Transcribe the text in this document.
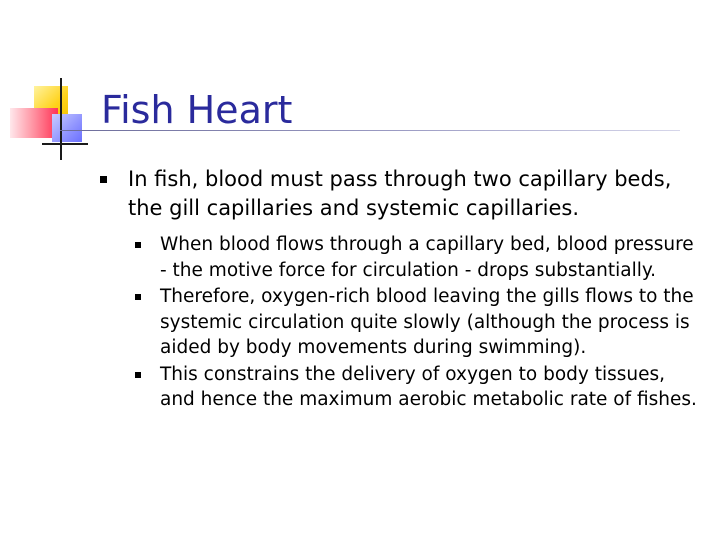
Fish Heart
In fish, blood must pass through two capillary beds, the gill capillaries and systemic capillaries.
When blood flows through a capillary bed, blood pressure - the motive force for circulation - drops substantially.
Therefore, oxygen-rich blood leaving the gills flows to the systemic circulation quite slowly (although the process is aided by body movements during swimming).
This constrains the delivery of oxygen to body tissues, and hence the maximum aerobic metabolic rate of fishes.
